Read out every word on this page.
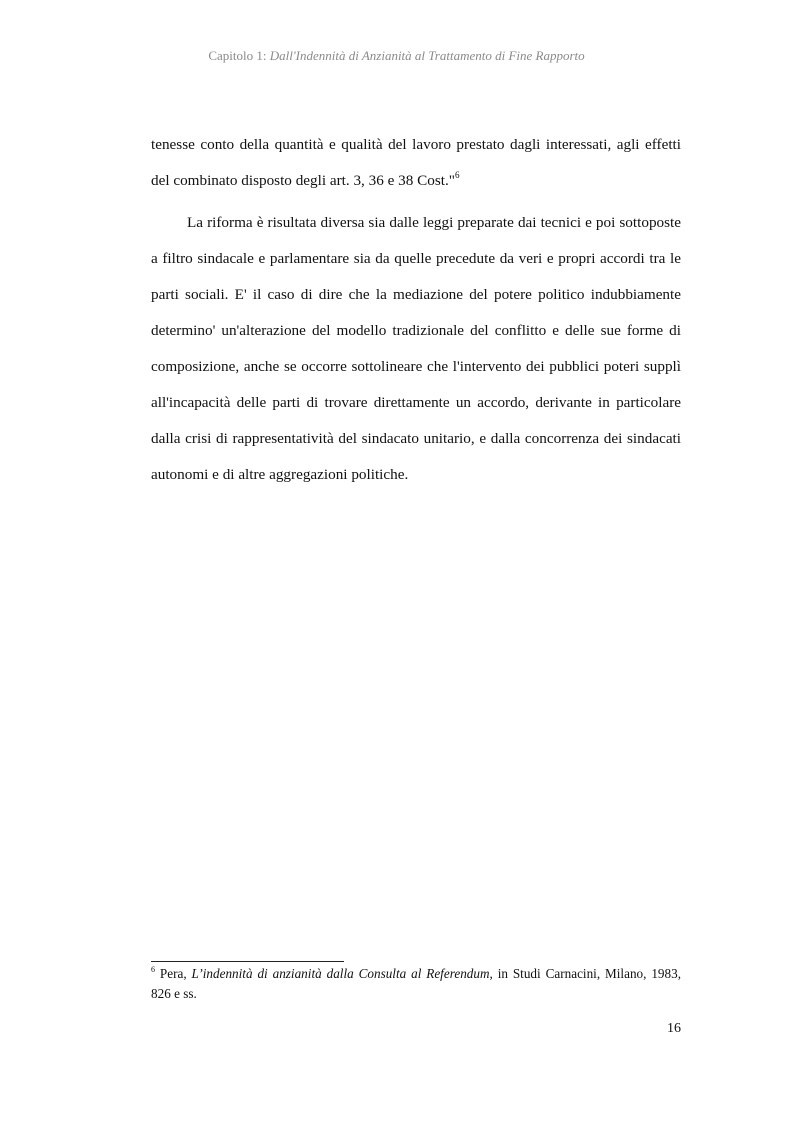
Capitolo 1: Dall'Indennità di Anzianità al Trattamento di Fine Rapporto

tenesse conto della quantità e qualità del lavoro prestato dagli interessati, agli effetti del combinato disposto degli art. 3, 36 e 38 Cost."$^6$

La riforma è risultata diversa sia dalle leggi preparate dai tecnici e poi sottoposte a filtro sindacale e parlamentare sia da quelle precedute da veri e propri accordi tra le parti sociali. E' il caso di dire che la mediazione del potere politico indubbiamente determino' un'alterazione del modello tradizionale del conflitto e delle sue forme di composizione, anche se occorre sottolineare che l'intervento dei pubblici poteri supplì all'incapacità delle parti di trovare direttamente un accordo, derivante in particolare dalla crisi di rappresentatività del sindacato unitario, e dalla concorrenza dei sindacati autonomi e di altre aggregazioni politiche.

$^6$ Pera, L’indennità di anzianità dalla Consulta al Referendum, in Studi Carnacini, Milano, 1983, 826 e ss.
16
